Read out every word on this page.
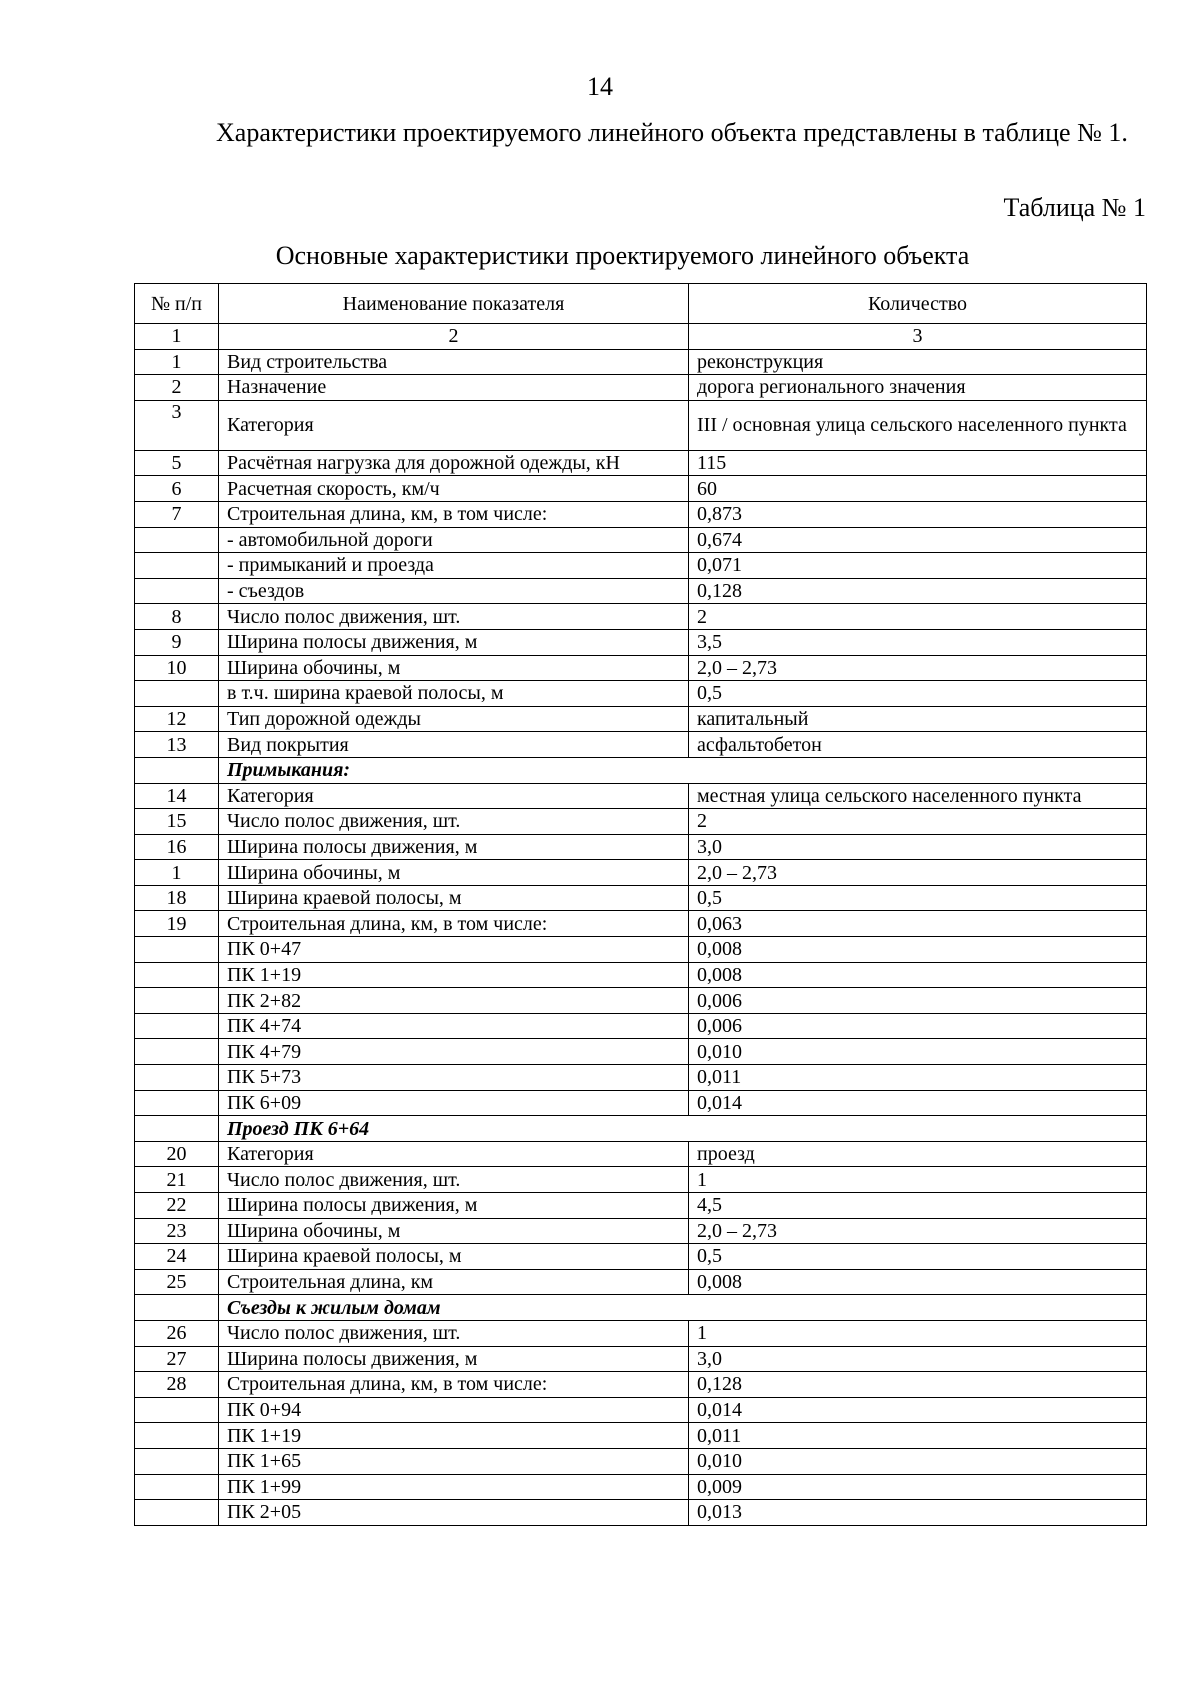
14

Характеристики проектируемого линейного объекта представлены в таблице № 1.

Таблица № 1
Основные характеристики проектируемого линейного объекта
№ п/п	Наименование показателя	Количество
1	2	3
1	Вид строительства	реконструкция
2	Назначение	дорога регионального значения
3	Категория	III / основная улица сельского населенного пункта
5	Расчётная нагрузка для дорожной одежды, кН	115
6	Расчетная скорость, км/ч	60
7	Строительная длина, км, в том числе:	0,873
	- автомобильной дороги	0,674
	- примыканий и проезда	0,071
	- съездов	0,128
8	Число полос движения, шт.	2
9	Ширина полосы движения, м	3,5
10	Ширина обочины, м	2,0 – 2,73
	в т.ч. ширина краевой полосы, м	0,5
12	Тип дорожной одежды	капитальный
13	Вид покрытия	асфальтобетон
	Примыкания:	
14	Категория	местная улица сельского населенного пункта
15	Число полос движения, шт.	2
16	Ширина полосы движения, м	3,0
1	Ширина обочины, м	2,0 – 2,73
18	Ширина краевой полосы, м	0,5
19	Строительная длина, км, в том числе:	0,063
	ПК 0+47	0,008
	ПК 1+19	0,008
	ПК 2+82	0,006
	ПК 4+74	0,006
	ПК 4+79	0,010
	ПК 5+73	0,011
	ПК 6+09	0,014
	Проезд ПК 6+64	
20	Категория	проезд
21	Число полос движения, шт.	1
22	Ширина полосы движения, м	4,5
23	Ширина обочины, м	2,0 – 2,73
24	Ширина краевой полосы, м	0,5
25	Строительная длина, км	0,008
	Съезды к жилым домам	
26	Число полос движения, шт.	1
27	Ширина полосы движения, м	3,0
28	Строительная длина, км, в том числе:	0,128
	ПК 0+94	0,014
	ПК 1+19	0,011
	ПК 1+65	0,010
	ПК 1+99	0,009
	ПК 2+05	0,013
